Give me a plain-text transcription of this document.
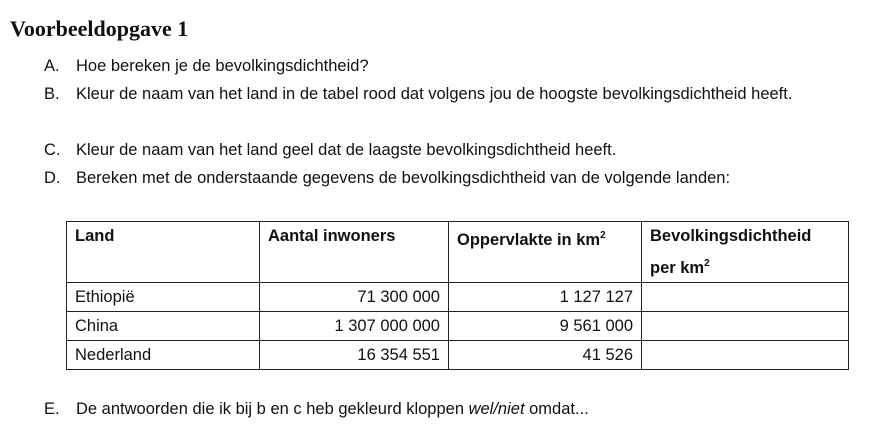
Voorbeeldopgave 1
A. Hoe bereken je de bevolkingsdichtheid?
B. Kleur de naam van het land in de tabel rood dat volgens jou de hoogste bevolkingsdichtheid heeft.
C. Kleur de naam van het land geel dat de laagste bevolkingsdichtheid heeft.
D. Bereken met de onderstaande gegevens de bevolkingsdichtheid van de volgende landen:
Land	Aantal inwoners	Oppervlakte in $km^2$	Bevolkingsdichtheid
per $km^2$
Ethiopië	71 300 000	1 127 127	
China	1 307 000 000	9 561 000	
Nederland	16 354 551	41 526	
E. De antwoorden die ik bij b en c heb gekleurd kloppen wel/niet omdat...
